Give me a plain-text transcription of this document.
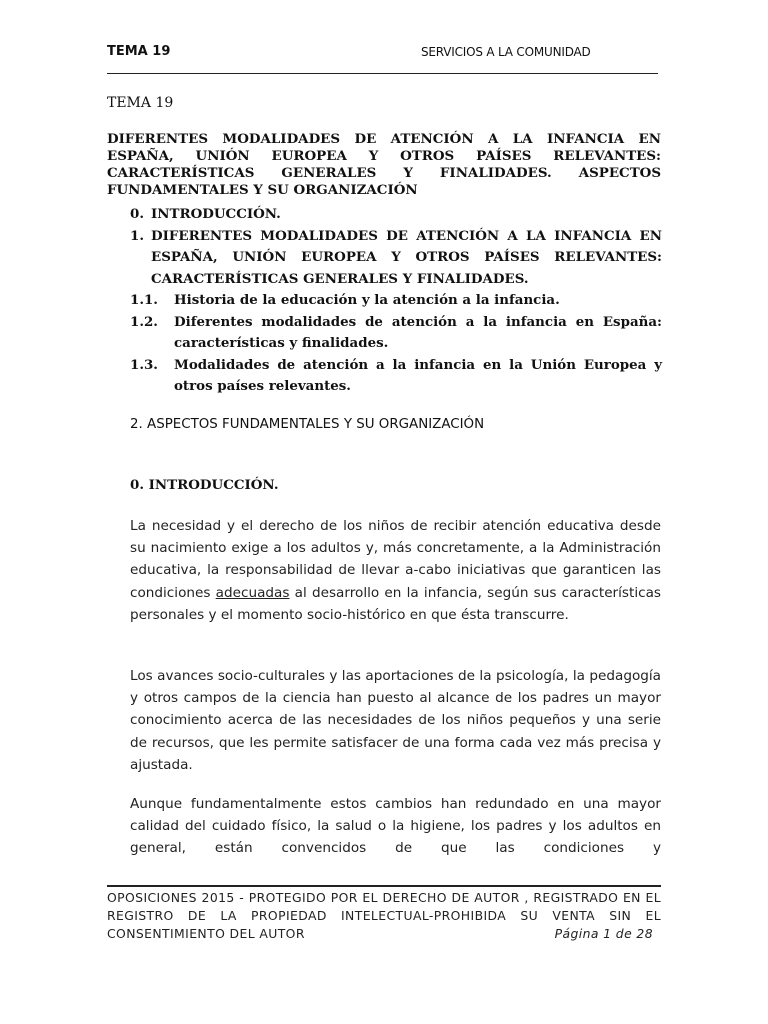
TEMA 19	SERVICIOS A LA COMUNIDAD
TEMA 19
DIFERENTES MODALIDADES DE ATENCIÓN A LA INFANCIA EN ESPAÑA, UNIÓN EUROPEA Y OTROS PAÍSES RELEVANTES: CARACTERÍSTICAS GENERALES Y FINALIDADES. ASPECTOS FUNDAMENTALES Y SU ORGANIZACIÓN
0. INTRODUCCIÓN.
1. DIFERENTES MODALIDADES DE ATENCIÓN A LA INFANCIA EN ESPAÑA, UNIÓN EUROPEA Y OTROS PAÍSES RELEVANTES: CARACTERÍSTICAS GENERALES Y FINALIDADES.
1.1.	Historia de la educación y la atención a la infancia.
1.2.	Diferentes modalidades de atención a la infancia en España: características y finalidades.
1.3.	Modalidades de atención a la infancia en la Unión Europea y otros países relevantes.
2. ASPECTOS FUNDAMENTALES Y SU ORGANIZACIÓN
0. INTRODUCCIÓN.
La necesidad y el derecho de los niños de recibir atención educativa desde su nacimiento exige a los adultos y, más concretamente, a la Administración educativa, la responsabilidad de llevar a-cabo iniciativas que garanticen las condiciones adecuadas al desarrollo en la infancia, según sus características personales y el momento socio-histórico en que ésta transcurre.
Los avances socio-culturales y las aportaciones de la psicología, la pedagogía y otros campos de la ciencia han puesto al alcance de los padres un mayor conocimiento acerca de las necesidades de los niños pequeños y una serie de recursos, que les permite satisfacer de una forma cada vez más precisa y ajustada.
Aunque fundamentalmente estos cambios han redundado en una mayor calidad del cuidado físico, la salud o la higiene, los padres y los adultos en general, están convencidos de que las condiciones y
OPOSICIONES 2015 - PROTEGIDO POR EL DERECHO DE AUTOR , REGISTRADO EN EL REGISTRO DE LA PROPIEDAD INTELECTUAL-PROHIBIDA SU VENTA SIN EL
CONSENTIMIENTO DEL AUTOR	Página 1 de 28
